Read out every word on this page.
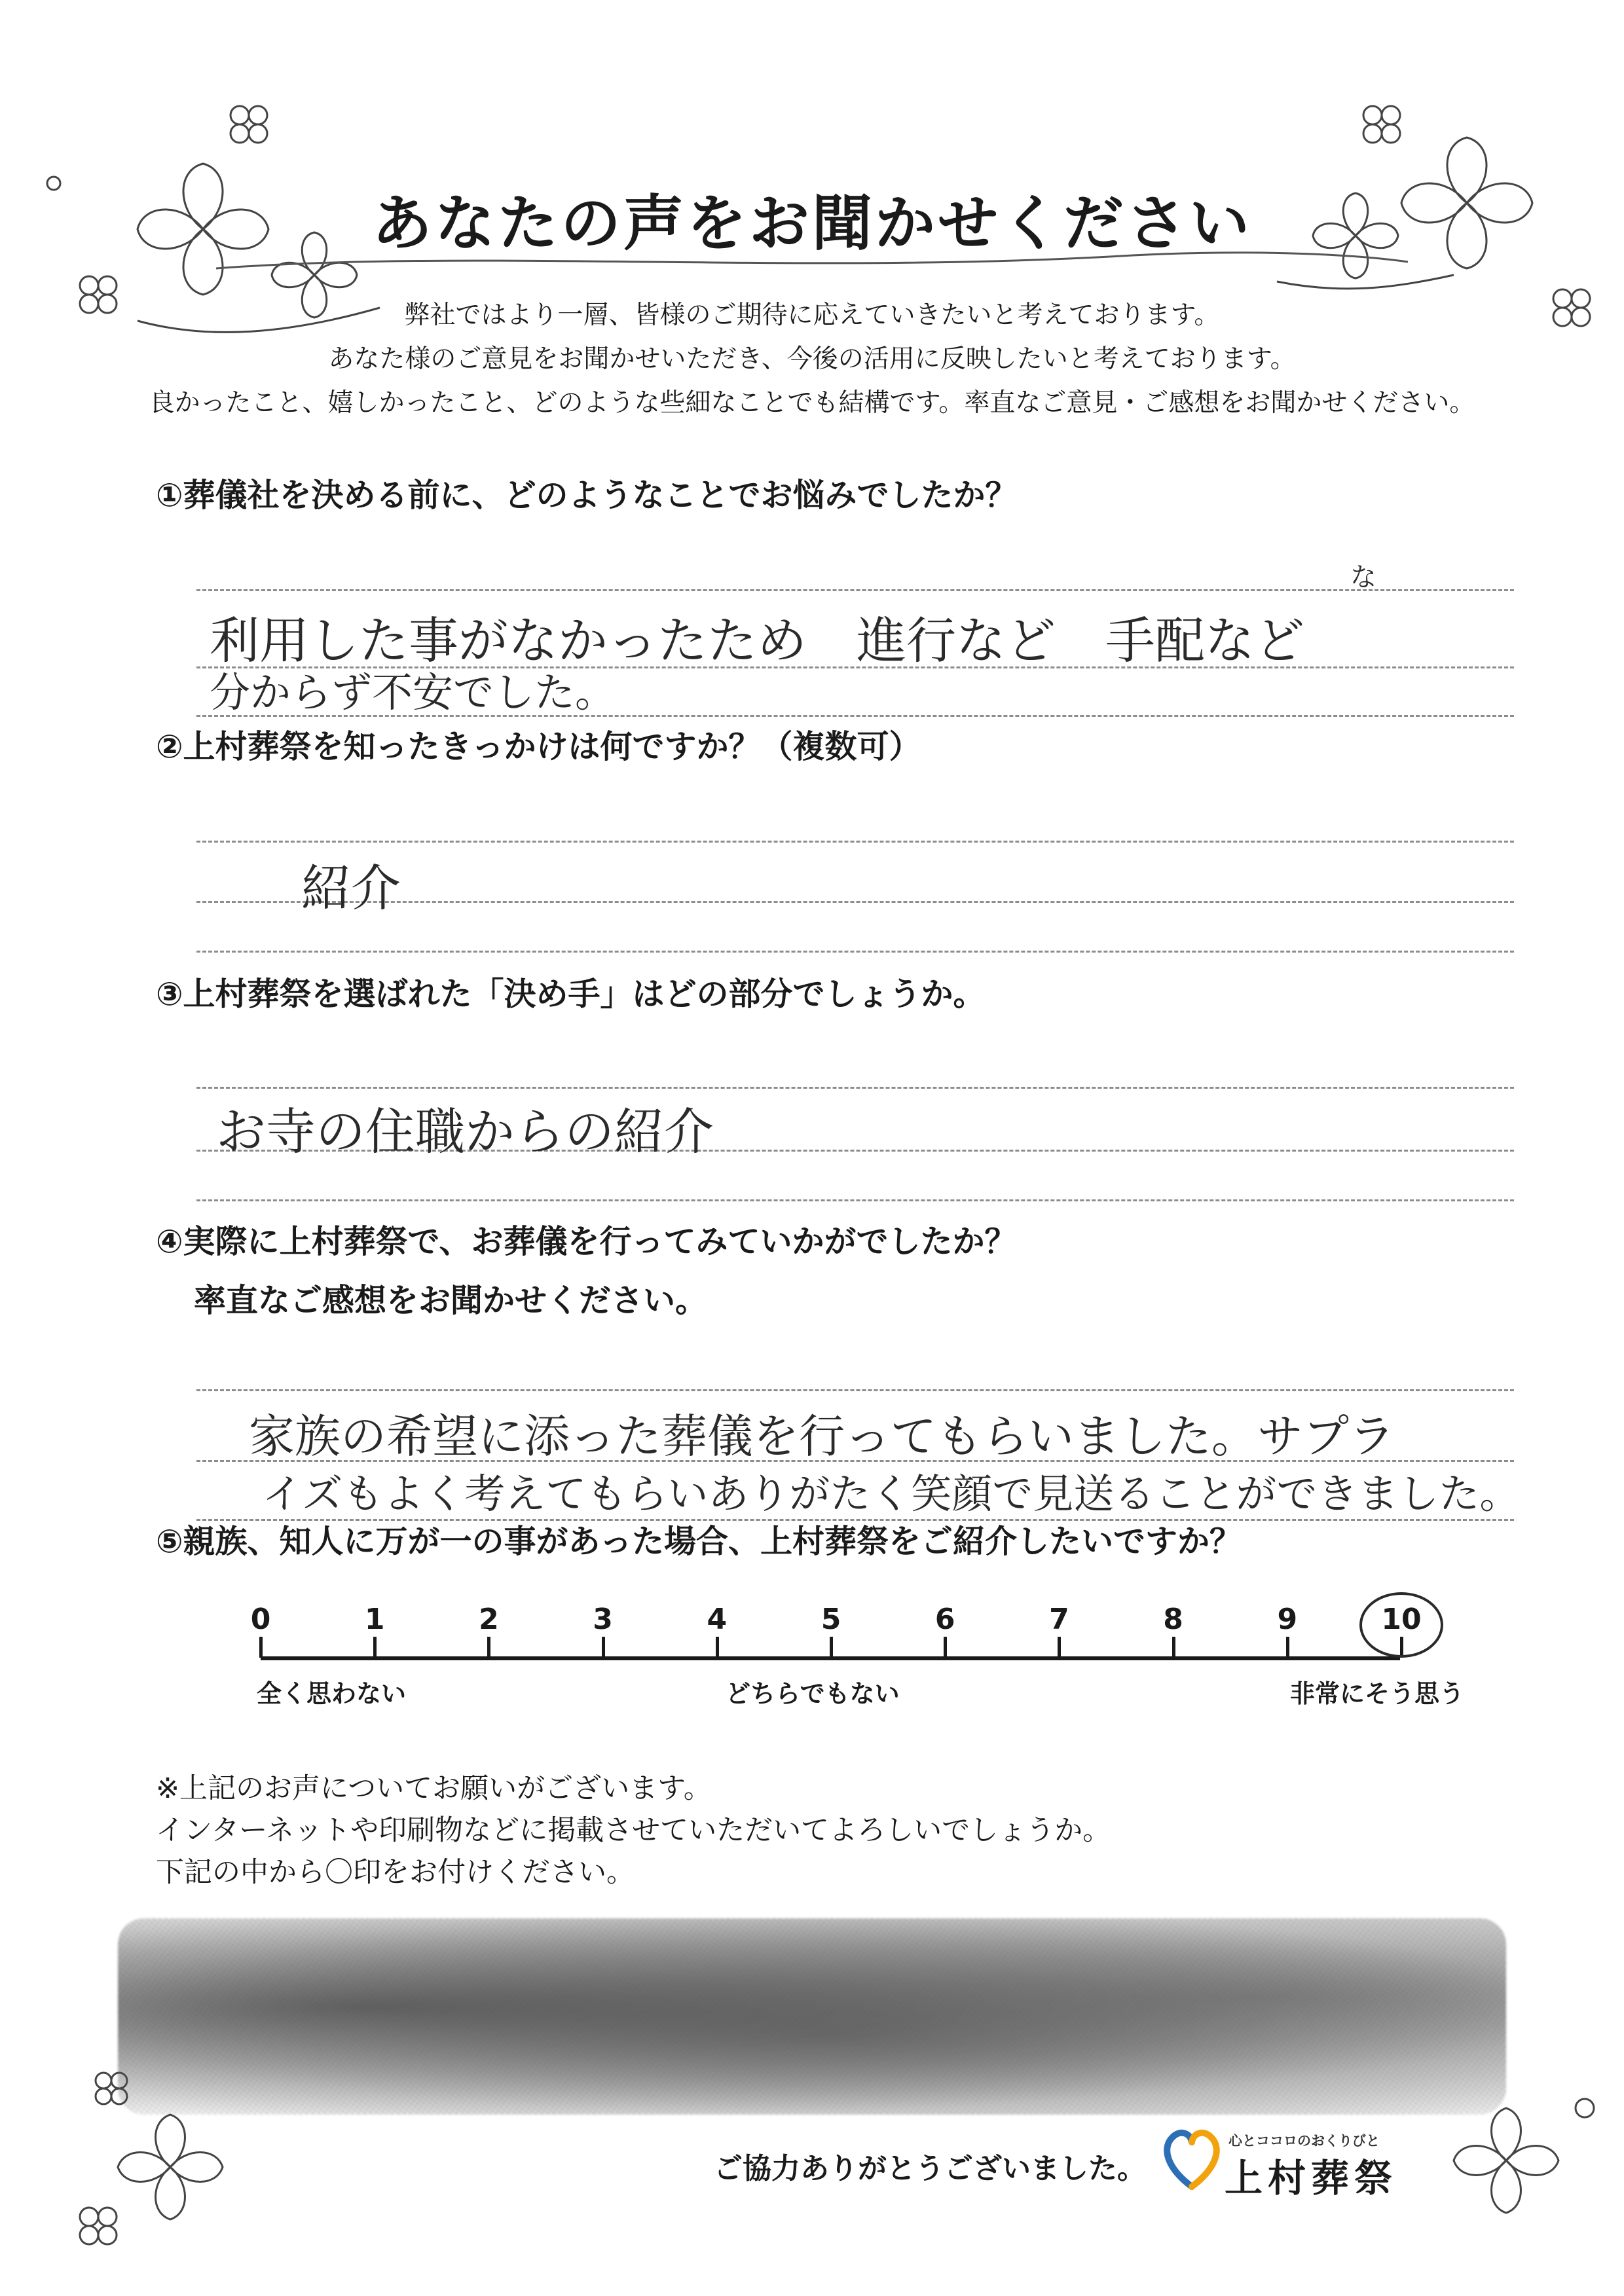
あなたの声をお聞かせください
弊社ではより一層、皆様のご期待に応えていきたいと考えております。
あなた様のご意見をお聞かせいただき、今後の活用に反映したいと考えております。
良かったこと、嬉しかったこと、どのような些細なことでも結構です。率直なご意見・ご感想をお聞かせください。
①葬儀社を決める前に、どのようなことでお悩みでしたか？
な
利用した事がなかったため　進行など　手配など
分からず不安でした。
②上村葬祭を知ったきっかけは何ですか？（複数可）
紹介
③上村葬祭を選ばれた「決め手」はどの部分でしょうか。
お寺の住職からの紹介
④実際に上村葬祭で、お葬儀を行ってみていかがでしたか？
率直なご感想をお聞かせください。
家族の希望に添った葬儀を行ってもらいました。サプラ
イズもよく考えてもらいありがたく笑顔で見送ることができました。
⑤親族、知人に万が一の事があった場合、上村葬祭をご紹介したいですか？
0	1	2	3	4	5	6	7	8	9	10
全く思わない	どちらでもない	非常にそう思う
※上記のお声についてお願いがございます。
インターネットや印刷物などに掲載させていただいてよろしいでしょうか。
下記の中から〇印をお付けください。
ご協力ありがとうございました。
心とココロのおくりびと
上村葬祭
